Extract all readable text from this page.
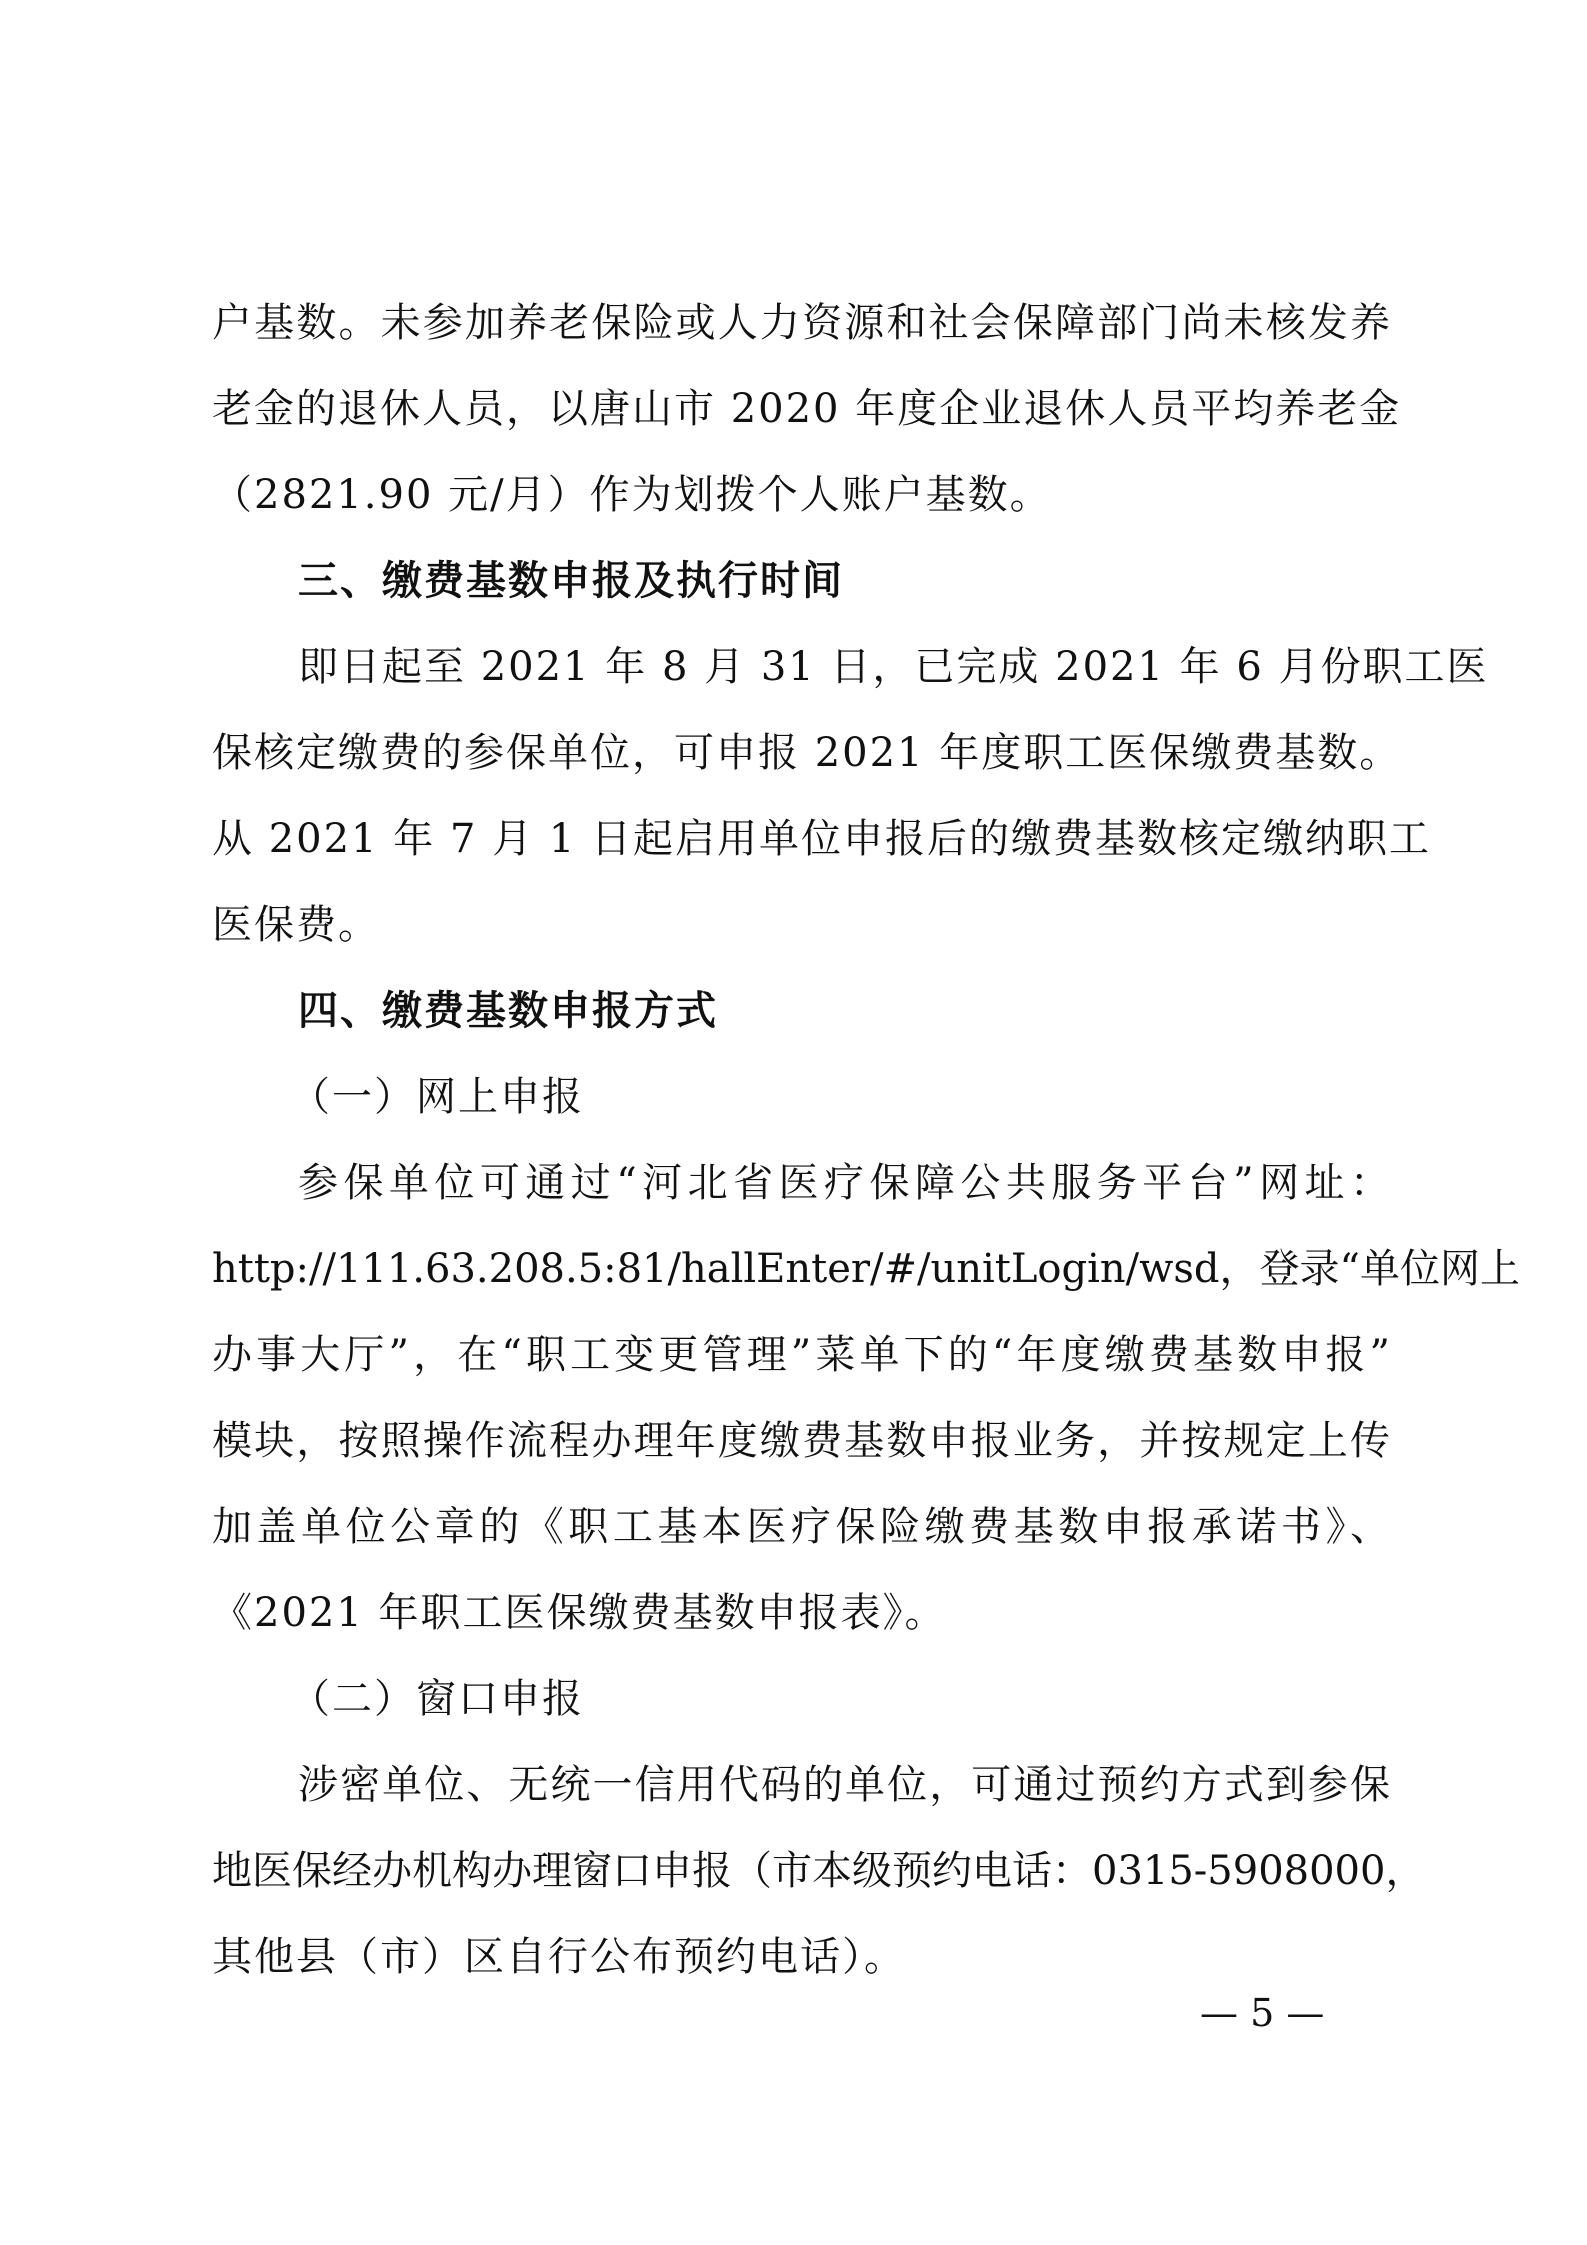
户基数。未参加养老保险或人力资源和社会保障部门尚未核发养
老金的退休人员，以唐山市 2020 年度企业退休人员平均养老金
（2821.90 元/月）作为划拨个人账户基数。
三、缴费基数申报及执行时间
即日起至 2021 年 8 月 31 日，已完成 2021 年 6 月份职工医
保核定缴费的参保单位，可申报 2021 年度职工医保缴费基数。
从 2021 年 7 月 1 日起启用单位申报后的缴费基数核定缴纳职工
医保费。
四、缴费基数申报方式
（一）网上申报
参保单位可通过“河北省医疗保障公共服务平台”网址：
http://111.63.208.5:81/hallEnter/#/unitLogin/wsd，登录“单位网上
办事大厅”，在“职工变更管理”菜单下的“年度缴费基数申报”
模块，按照操作流程办理年度缴费基数申报业务，并按规定上传
加盖单位公章的《职工基本医疗保险缴费基数申报承诺书》、
《2021 年职工医保缴费基数申报表》。
（二）窗口申报
涉密单位、无统一信用代码的单位，可通过预约方式到参保
地医保经办机构办理窗口申报（市本级预约电话：0315-5908000，
其他县（市）区自行公布预约电话）。
— 5 —
